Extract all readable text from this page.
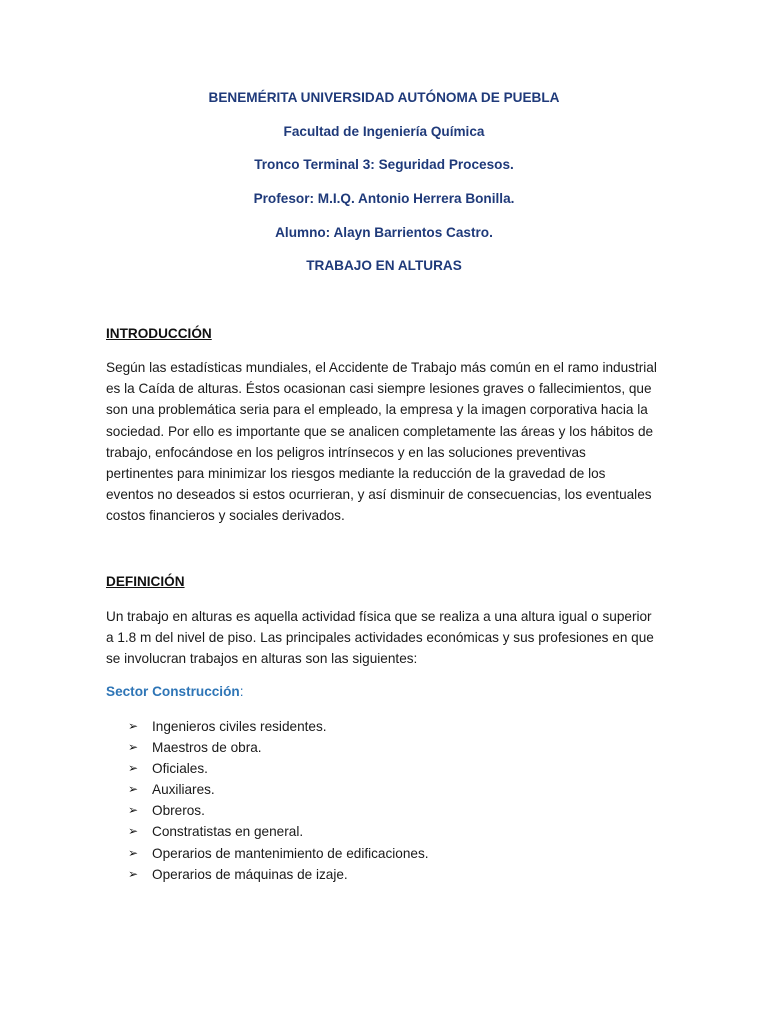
BENEMÉRITA UNIVERSIDAD AUTÓNOMA DE PUEBLA
Facultad de Ingeniería Química
Tronco Terminal 3: Seguridad Procesos.
Profesor: M.I.Q. Antonio Herrera Bonilla.
Alumno: Alayn Barrientos Castro.
TRABAJO EN ALTURAS
INTRODUCCIÓN
Según las estadísticas mundiales, el Accidente de Trabajo más común en el ramo industrial
es la Caída de alturas. Éstos ocasionan casi siempre lesiones graves o fallecimientos, que
son una problemática seria para el empleado, la empresa y la imagen corporativa hacia la
sociedad. Por ello es importante que se analicen completamente las áreas y los hábitos de
trabajo, enfocándose en los peligros intrínsecos y en las soluciones preventivas
pertinentes para minimizar los riesgos mediante la reducción de la gravedad de los
eventos no deseados si estos ocurrieran, y así disminuir de consecuencias, los eventuales
costos financieros y sociales derivados.
DEFINICIÓN
Un trabajo en alturas es aquella actividad física que se realiza a una altura igual o superior
a 1.8 m del nivel de piso. Las principales actividades económicas y sus profesiones en que
se involucran trabajos en alturas son las siguientes:
Sector Construcción:
➢	Ingenieros civiles residentes.
➢	Maestros de obra.
➢	Oficiales.
➢	Auxiliares.
➢	Obreros.
➢	Constratistas en general.
➢	Operarios de mantenimiento de edificaciones.
➢	Operarios de máquinas de izaje.
